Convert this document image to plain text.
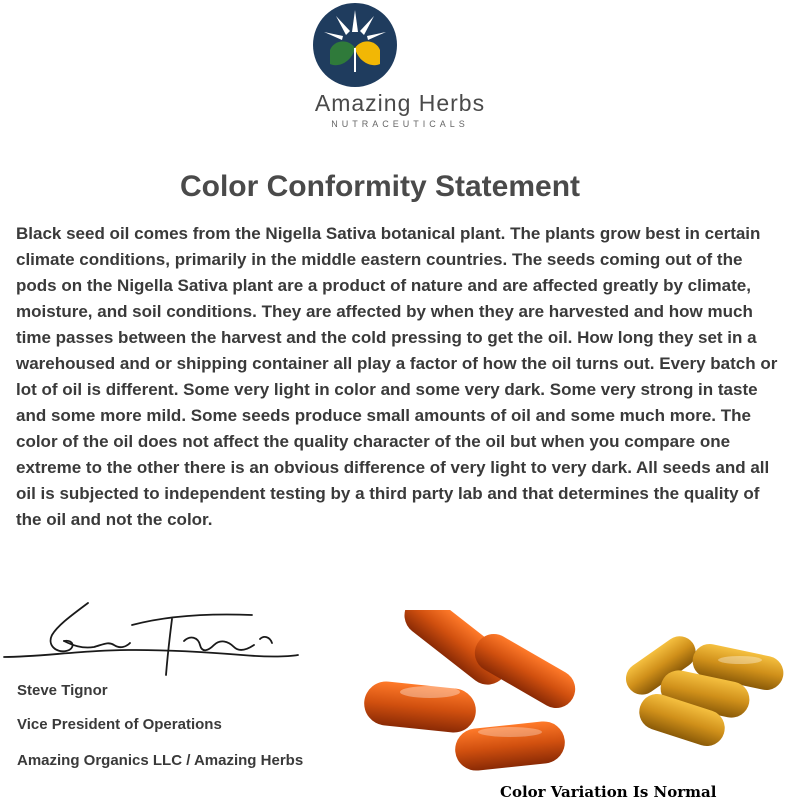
Amazing Herbs
NUTRACEUTICALS
Color Conformity Statement

Black seed oil comes from the Nigella Sativa botanical plant. The plants grow best in certain climate conditions, primarily in the middle eastern countries. The seeds coming out of the pods on the Nigella Sativa plant are a product of nature and are affected greatly by climate, moisture, and soil conditions. They are affected by when they are harvested and how much time passes between the harvest and the cold pressing to get the oil. How long they set in a warehoused and or shipping container all play a factor of how the oil turns out. Every batch or lot of oil is different. Some very light in color and some very dark. Some very strong in taste and some more mild. Some seeds produce small amounts of oil and some much more. The color of the oil does not affect the quality character of the oil but when you compare one extreme to the other there is an obvious difference of very light to very dark. All seeds and all oil is subjected to independent testing by a third party lab and that determines the quality of the oil and not the color.

Steve Tignor
Vice President of Operations
Amazing Organics LLC / Amazing Herbs
Color Variation Is Normal
